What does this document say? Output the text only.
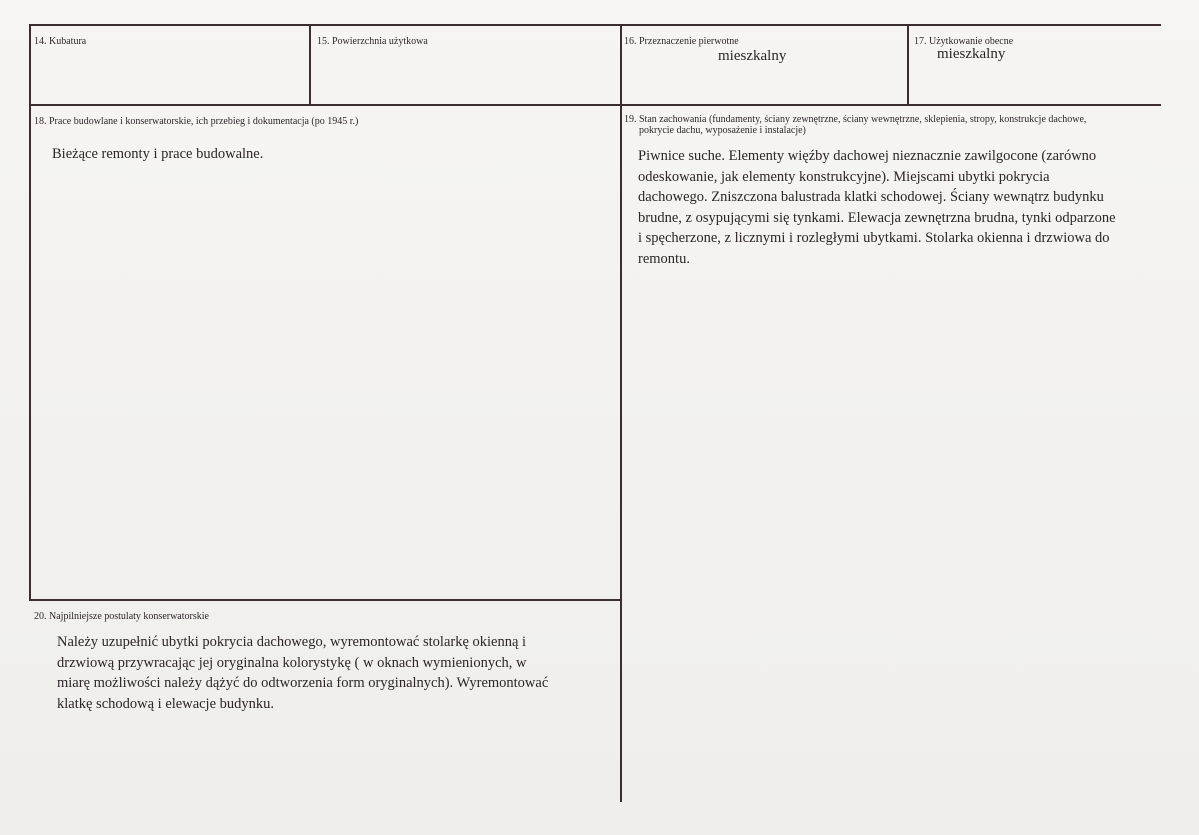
14. Kubatura	15. Powierzchnia użytkowa	16. Przeznaczenie pierwotne
mieszkalny
17. Użytkowanie obecne
mieszkalny
18. Prace budowlane i konserwatorskie, ich przebieg i dokumentacja (po 1945 r.)
Bieżące remonty i prace budowalne.
19. Stan zachowania (fundamenty, ściany zewnętrzne, ściany wewnętrzne, sklepienia, stropy, konstrukcje dachowe,
pokrycie dachu, wyposażenie i instalacje)
Piwnice suche. Elementy więźby dachowej nieznacznie zawilgocone (zarówno
odeskowanie, jak elementy konstrukcyjne). Miejscami ubytki pokrycia
dachowego. Zniszczona balustrada klatki schodowej. Ściany wewnątrz budynku
brudne, z osypującymi się tynkami. Elewacja zewnętrzna brudna, tynki odparzone
i spęcherzone, z licznymi i rozległymi ubytkami. Stolarka okienna i drzwiowa do
remontu.
20. Najpilniejsze postulaty konserwatorskie
Należy uzupełnić ubytki pokrycia dachowego, wyremontować stolarkę okienną i
drzwiową przywracając jej oryginalna kolorystykę ( w oknach wymienionych, w
miarę możliwości należy dążyć do odtworzenia form oryginalnych). Wyremontować
klatkę schodową i elewacje budynku.
